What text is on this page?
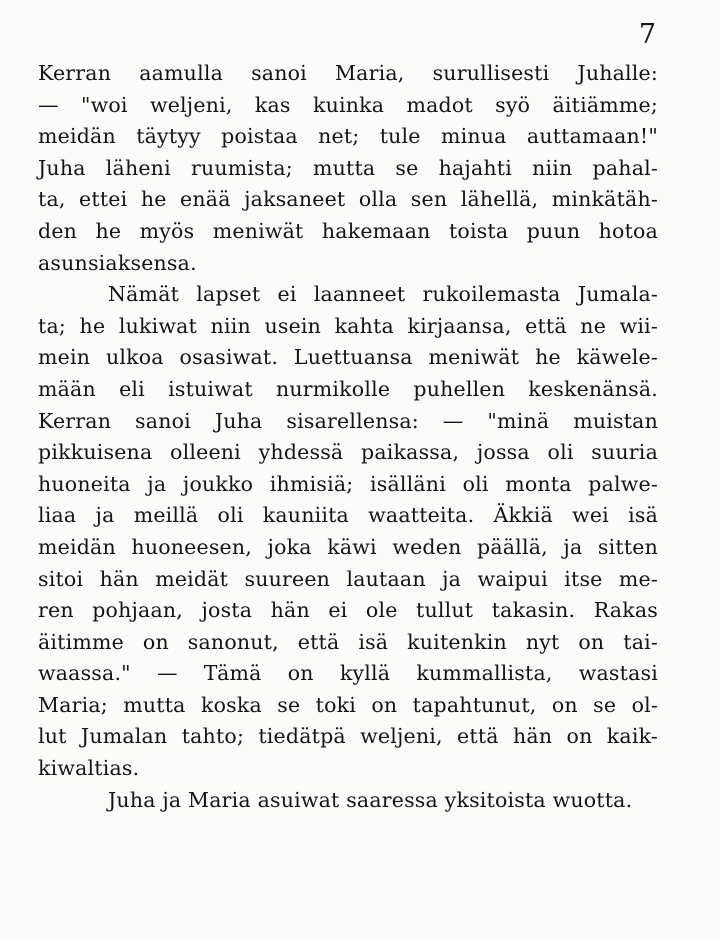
7
Kerran aamulla sanoi Maria, surullisesti Juhalle:
— "woi weljeni, kas kuinka madot syö äitiämme;
meidän täytyy poistaa net; tule minua auttamaan!"
Juha läheni ruumista; mutta se hajahti niin pahal-
ta, ettei he enää jaksaneet olla sen lähellä, minkätäh-
den he myös meniwät hakemaan toista puun hotoa
asunsiaksensa.
Nämät lapset ei laanneet rukoilemasta Jumala-
ta; he lukiwat niin usein kahta kirjaansa, että ne wii-
mein ulkoa osasiwat. Luettuansa meniwät he käwele-
mään eli istuiwat nurmikolle puhellen keskenänsä.
Kerran sanoi Juha sisarellensa: — "minä muistan
pikkuisena olleeni yhdessä paikassa, jossa oli suuria
huoneita ja joukko ihmisiä; isälläni oli monta palwe-
liaa ja meillä oli kauniita waatteita. Äkkiä wei isä
meidän huoneesen, joka käwi weden päällä, ja sitten
sitoi hän meidät suureen lautaan ja waipui itse me-
ren pohjaan, josta hän ei ole tullut takasin. Rakas
äitimme on sanonut, että isä kuitenkin nyt on tai-
waassa." — Tämä on kyllä kummallista, wastasi
Maria; mutta koska se toki on tapahtunut, on se ol-
lut Jumalan tahto; tiedätpä weljeni, että hän on kaik-
kiwaltias.
Juha ja Maria asuiwat saaressa yksitoista wuotta.
